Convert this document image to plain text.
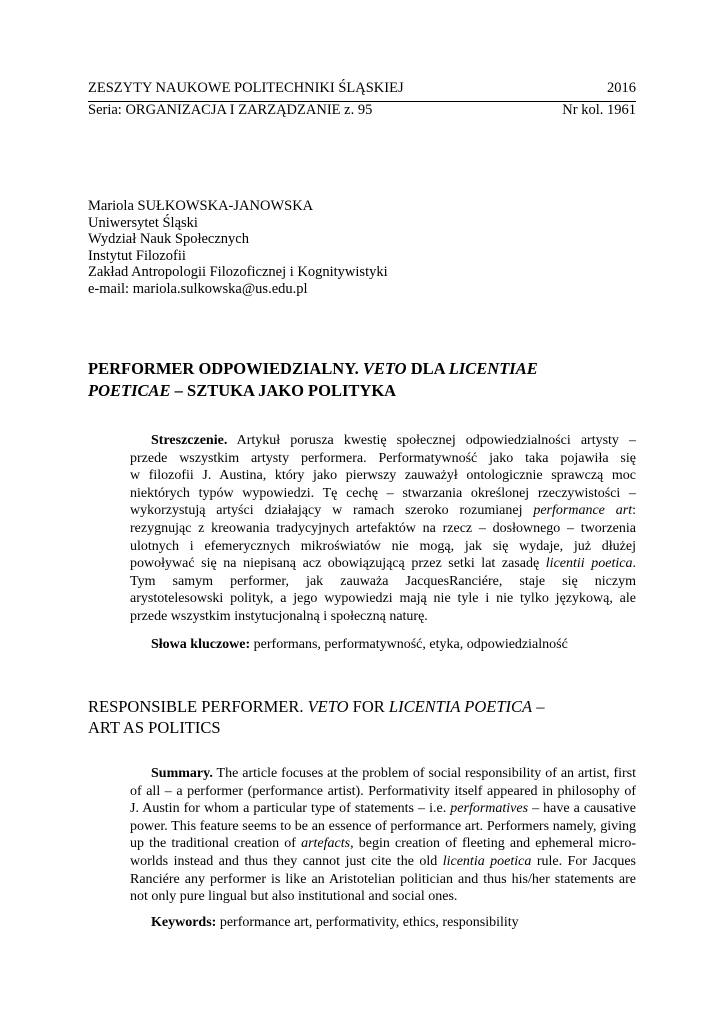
ZESZYTY NAUKOWE POLITECHNIKI ŚLĄSKIEJ	2016
Seria: ORGANIZACJA I ZARZĄDZANIE z. 95	Nr kol. 1961
Mariola SUŁKOWSKA-JANOWSKA
Uniwersytet Śląski
Wydział Nauk Społecznych
Instytut Filozofii
Zakład Antropologii Filozoficznej i Kognitywistyki
e-mail: mariola.sulkowska@us.edu.pl
PERFORMER ODPOWIEDZIALNY. VETO DLA LICENTIAE
POETICAE – SZTUKA JAKO POLITYKA
Streszczenie. Artykuł porusza kwestię społecznej odpowiedzialności artysty –
przede wszystkim artysty performera. Performatywność jako taka pojawiła się
w filozofii J. Austina, który jako pierwszy zauważył ontologicznie sprawczą moc
niektórych typów wypowiedzi. Tę cechę – stwarzania określonej rzeczywistości –
wykorzystują artyści działający w ramach szeroko rozumianej performance art:
rezygnując z kreowania tradycyjnych artefaktów na rzecz – dosłownego – tworzenia
ulotnych i efemerycznych mikroświatów nie mogą, jak się wydaje, już dłużej
powoływać się na niepisaną acz obowiązującą przez setki lat zasadę licentii poetica.
Tym samym performer, jak zauważa JacquesRanciére, staje się niczym
arystotelesowski polityk, a jego wypowiedzi mają nie tyle i nie tylko językową, ale
przede wszystkim instytucjonalną i społeczną naturę.
Słowa kluczowe: performans, performatywność, etyka, odpowiedzialność
RESPONSIBLE PERFORMER. VETO FOR LICENTIA POETICA –
ART AS POLITICS
Summary. The article focuses at the problem of social responsibility of an artist, first
of all – a performer (performance artist). Performativity itself appeared in philosophy of
J. Austin for whom a particular type of statements – i.e. performatives – have a causative
power. This feature seems to be an essence of performance art. Performers namely, giving
up the traditional creation of artefacts, begin creation of fleeting and ephemeral micro-
worlds instead and thus they cannot just cite the old licentia poetica rule. For Jacques
Ranciére any performer is like an Aristotelian politician and thus his/her statements are
not only pure lingual but also institutional and social ones.
Keywords: performance art, performativity, ethics, responsibility
